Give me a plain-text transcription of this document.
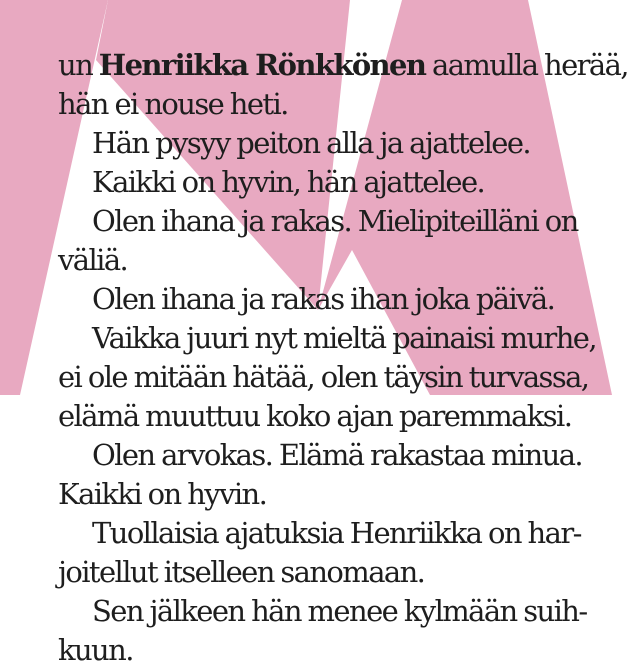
un Henriikka Rönkkönen aamulla herää,
hän ei nouse heti.
Hän pysyy peiton alla ja ajattelee.
Kaikki on hyvin, hän ajattelee.
Olen ihana ja rakas. Mielipiteilläni on
väliä.
Olen ihana ja rakas ihan joka päivä.
Vaikka juuri nyt mieltä painaisi murhe,
ei ole mitään hätää, olen täysin turvassa,
elämä muuttuu koko ajan paremmaksi.
Olen arvokas. Elämä rakastaa minua.
Kaikki on hyvin.
Tuollaisia ajatuksia Henriikka on har-
joitellut itselleen sanomaan.
Sen jälkeen hän menee kylmään suih-
kuun.
